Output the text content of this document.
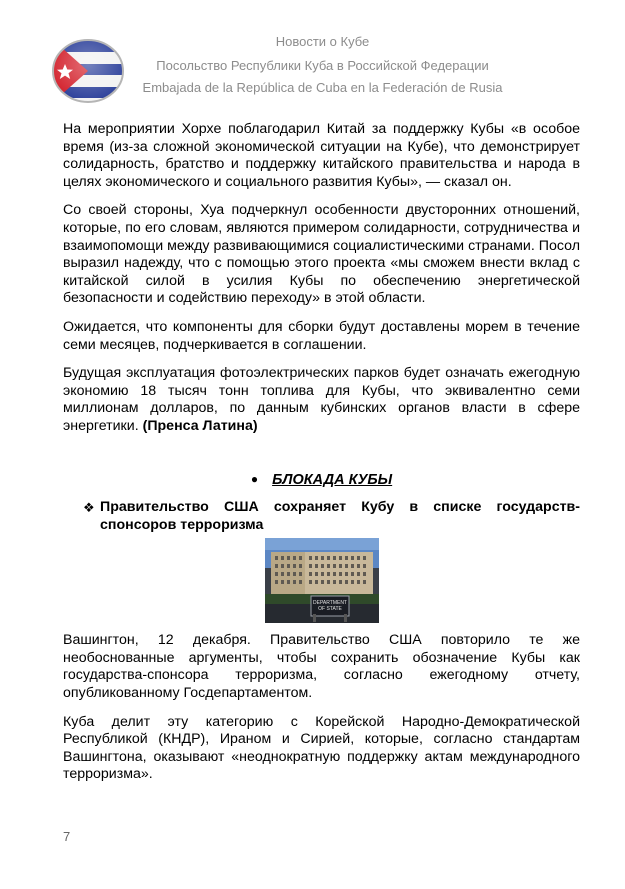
Новости о Кубе
Посольство Республики Куба в Российской Федерации
Embajada de la República de Cuba en la Federación de Rusia

На мероприятии Хорхе поблагодарил Китай за поддержку Кубы «в особое время (из-за сложной экономической ситуации на Кубе), что демонстрирует солидарность, братство и поддержку китайского правительства и народа в целях экономического и социального развития Кубы», — сказал он.

Со своей стороны, Хуа подчеркнул особенности двусторонних отношений, которые, по его словам, являются примером солидарности, сотрудничества и взаимопомощи между развивающимися социалистическими странами. Посол выразил надежду, что с помощью этого проекта «мы сможем внести вклад с китайской силой в усилия Кубы по обеспечению энергетической безопасности и содействию переходу» в этой области.

Ожидается, что компоненты для сборки будут доставлены морем в течение семи месяцев, подчеркивается в соглашении.

Будущая эксплуатация фотоэлектрических парков будет означать ежегодную экономию 18 тысяч тонн топлива для Кубы, что эквивалентно семи миллионам долларов, по данным кубинских органов власти в сфере энергетики. (Пренса Латина)

● БЛОКАДА КУБЫ
❖ Правительство США сохраняет Кубу в списке государств-спонсоров терроризма
DEPARTMENT
OF STATE

Вашингтон, 12 декабря. Правительство США повторило те же необоснованные аргументы, чтобы сохранить обозначение Кубы как государства-спонсора терроризма, согласно ежегодному отчету, опубликованному Госдепартаментом.

Куба делит эту категорию с Корейской Народно-Демократической Республикой (КНДР), Ираном и Сирией, которые, согласно стандартам Вашингтона, оказывают «неоднократную поддержку актам международного терроризма».

7
